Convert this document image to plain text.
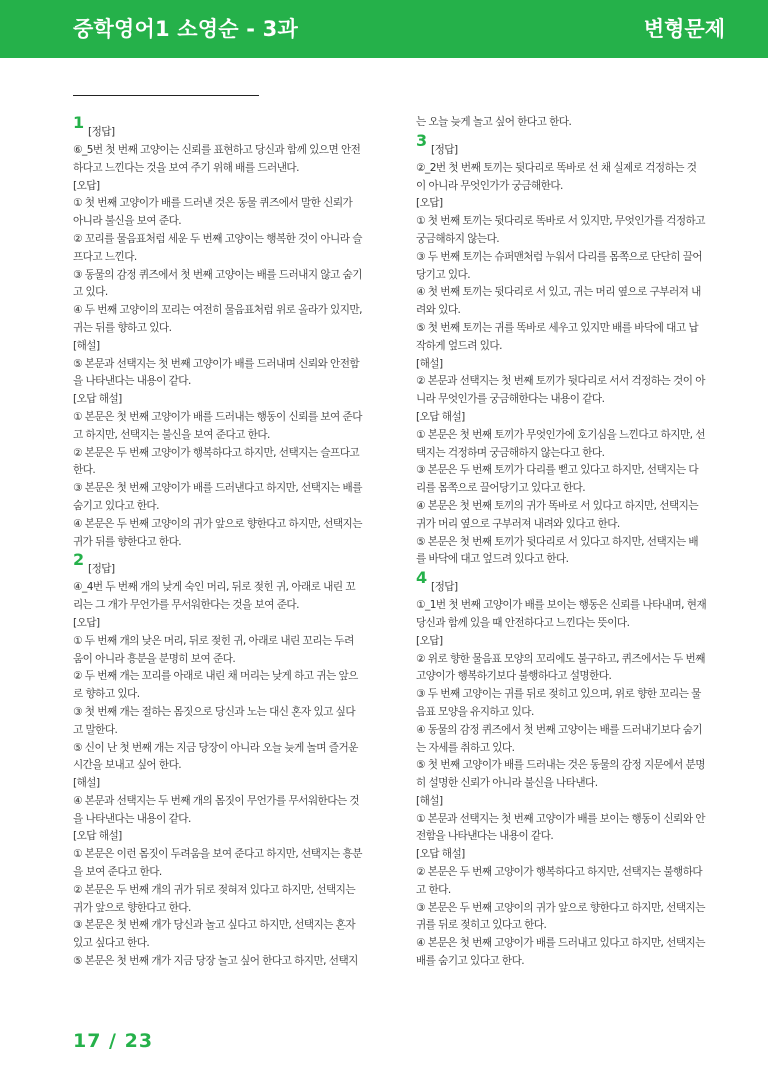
중학영어1 소영순 - 3과	변형문제
1 [정답]

⑥_5번 첫 번째 고양이는 신뢰를 표현하고 당신과 함께 있으면 안전

하다고 느낀다는 것을 보여 주기 위해 배를 드러낸다.

[오답]

① 첫 번째 고양이가 배를 드러낸 것은 동물 퀴즈에서 말한 신뢰가

아니라 불신을 보여 준다.

② 꼬리를 물음표처럼 세운 두 번째 고양이는 행복한 것이 아니라 슬

프다고 느낀다.

③ 동물의 감정 퀴즈에서 첫 번째 고양이는 배를 드러내지 않고 숨기

고 있다.

④ 두 번째 고양이의 꼬리는 여전히 물음표처럼 위로 올라가 있지만,

귀는 뒤를 향하고 있다.

[해설]

⑤ 본문과 선택지는 첫 번째 고양이가 배를 드러내며 신뢰와 안전함

을 나타낸다는 내용이 같다.

[오답 해설]

① 본문은 첫 번째 고양이가 배를 드러내는 행동이 신뢰를 보여 준다

고 하지만, 선택지는 불신을 보여 준다고 한다.

② 본문은 두 번째 고양이가 행복하다고 하지만, 선택지는 슬프다고

한다.

③ 본문은 첫 번째 고양이가 배를 드러낸다고 하지만, 선택지는 배를

숨기고 있다고 한다.

④ 본문은 두 번째 고양이의 귀가 앞으로 향한다고 하지만, 선택지는

귀가 뒤를 향한다고 한다.

2 [정답]

④_4번 두 번째 개의 낮게 숙인 머리, 뒤로 젖힌 귀, 아래로 내린 꼬

리는 그 개가 무언가를 무서워한다는 것을 보여 준다.

[오답]

① 두 번째 개의 낮은 머리, 뒤로 젖힌 귀, 아래로 내린 꼬리는 두려

움이 아니라 흥분을 분명히 보여 준다.

② 두 번째 개는 꼬리를 아래로 내린 채 머리는 낮게 하고 귀는 앞으

로 향하고 있다.

③ 첫 번째 개는 절하는 몸짓으로 당신과 노는 대신 혼자 있고 싶다

고 말한다.

⑤ 신이 난 첫 번째 개는 지금 당장이 아니라 오늘 늦게 놀며 즐거운

시간을 보내고 싶어 한다.

[해설]

④ 본문과 선택지는 두 번째 개의 몸짓이 무언가를 무서워한다는 것

을 나타낸다는 내용이 같다.

[오답 해설]

① 본문은 이런 몸짓이 두려움을 보여 준다고 하지만, 선택지는 흥분

을 보여 준다고 한다.

② 본문은 두 번째 개의 귀가 뒤로 젖혀져 있다고 하지만, 선택지는

귀가 앞으로 향한다고 한다.

③ 본문은 첫 번째 개가 당신과 놀고 싶다고 하지만, 선택지는 혼자

있고 싶다고 한다.

⑤ 본문은 첫 번째 개가 지금 당장 놀고 싶어 한다고 하지만, 선택지

는 오늘 늦게 놀고 싶어 한다고 한다.

3 [정답]

②_2번 첫 번째 토끼는 뒷다리로 똑바로 선 채 실제로 걱정하는 것

이 아니라 무엇인가가 궁금해한다.

[오답]

① 첫 번째 토끼는 뒷다리로 똑바로 서 있지만, 무엇인가를 걱정하고

궁금해하지 않는다.

③ 두 번째 토끼는 슈퍼맨처럼 누워서 다리를 몸쪽으로 단단히 끌어

당기고 있다.

④ 첫 번째 토끼는 뒷다리로 서 있고, 귀는 머리 옆으로 구부러져 내

려와 있다.

⑤ 첫 번째 토끼는 귀를 똑바로 세우고 있지만 배를 바닥에 대고 납

작하게 엎드려 있다.

[해설]

② 본문과 선택지는 첫 번째 토끼가 뒷다리로 서서 걱정하는 것이 아

니라 무엇인가를 궁금해한다는 내용이 같다.

[오답 해설]

① 본문은 첫 번째 토끼가 무엇인가에 호기심을 느낀다고 하지만, 선

택지는 걱정하며 궁금해하지 않는다고 한다.

③ 본문은 두 번째 토끼가 다리를 뻗고 있다고 하지만, 선택지는 다

리를 몸쪽으로 끌어당기고 있다고 한다.

④ 본문은 첫 번째 토끼의 귀가 똑바로 서 있다고 하지만, 선택지는

귀가 머리 옆으로 구부러져 내려와 있다고 한다.

⑤ 본문은 첫 번째 토끼가 뒷다리로 서 있다고 하지만, 선택지는 배

를 바닥에 대고 엎드려 있다고 한다.

4 [정답]

①_1번 첫 번째 고양이가 배를 보이는 행동은 신뢰를 나타내며, 현재

당신과 함께 있을 때 안전하다고 느낀다는 뜻이다.

[오답]

② 위로 향한 물음표 모양의 꼬리에도 불구하고, 퀴즈에서는 두 번째

고양이가 행복하기보다 불행하다고 설명한다.

③ 두 번째 고양이는 귀를 뒤로 젖히고 있으며, 위로 향한 꼬리는 물

음표 모양을 유지하고 있다.

④ 동물의 감정 퀴즈에서 첫 번째 고양이는 배를 드러내기보다 숨기

는 자세를 취하고 있다.

⑤ 첫 번째 고양이가 배를 드러내는 것은 동물의 감정 지문에서 분명

히 설명한 신뢰가 아니라 불신을 나타낸다.

[해설]

① 본문과 선택지는 첫 번째 고양이가 배를 보이는 행동이 신뢰와 안

전함을 나타낸다는 내용이 같다.

[오답 해설]

② 본문은 두 번째 고양이가 행복하다고 하지만, 선택지는 불행하다

고 한다.

③ 본문은 두 번째 고양이의 귀가 앞으로 향한다고 하지만, 선택지는

귀를 뒤로 젖히고 있다고 한다.

④ 본문은 첫 번째 고양이가 배를 드러내고 있다고 하지만, 선택지는

배를 숨기고 있다고 한다.

17 / 23
